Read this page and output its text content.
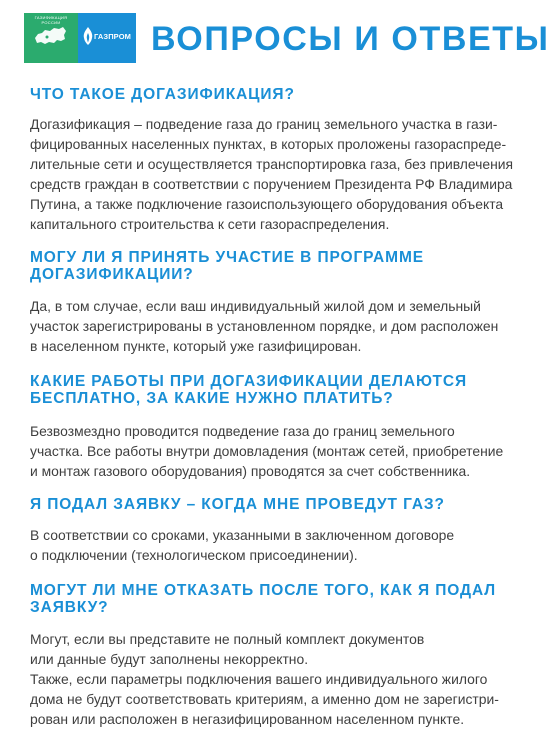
ГАЗИФИКАЦИЯ РОССИИ
ГАЗПРОМ ВОПРОСЫ И ОТВЕТЫ
ЧТО ТАКОЕ ДОГАЗИФИКАЦИЯ?

Догазификация – подведение газа до границ земельного участка в гази-
фицированных населенных пунктах, в которых проложены газораспреде-
лительные сети и осуществляется транспортировка газа, без привлечения
средств граждан в соответствии с поручением Президента РФ Владимира
Путина, а также подключение газоиспользующего оборудования объекта
капитального строительства к сети газораспределения.

МОГУ ЛИ Я ПРИНЯТЬ УЧАСТИЕ В ПРОГРАММЕ
ДОГАЗИФИКАЦИИ?

Да, в том случае, если ваш индивидуальный жилой дом и земельный
участок зарегистрированы в установленном порядке, и дом расположен
в населенном пункте, который уже газифицирован.

КАКИЕ РАБОТЫ ПРИ ДОГАЗИФИКАЦИИ ДЕЛАЮТСЯ
БЕСПЛАТНО, ЗА КАКИЕ НУЖНО ПЛАТИТЬ?

Безвозмездно проводится подведение газа до границ земельного
участка. Все работы внутри домовладения (монтаж сетей, приобретение
и монтаж газового оборудования) проводятся за счет собственника.

Я ПОДАЛ ЗАЯВКУ – КОГДА МНЕ ПРОВЕДУТ ГАЗ?

В соответствии со сроками, указанными в заключенном договоре
о подключении (технологическом присоединении).

МОГУТ ЛИ МНЕ ОТКАЗАТЬ ПОСЛЕ ТОГО, КАК Я ПОДАЛ
ЗАЯВКУ?

Могут, если вы представите не полный комплект документов
или данные будут заполнены некорректно.
Также, если параметры подключения вашего индивидуального жилого
дома не будут соответствовать критериям, а именно дом не зарегистри-
рован или расположен в негазифицированном населенном пункте.
